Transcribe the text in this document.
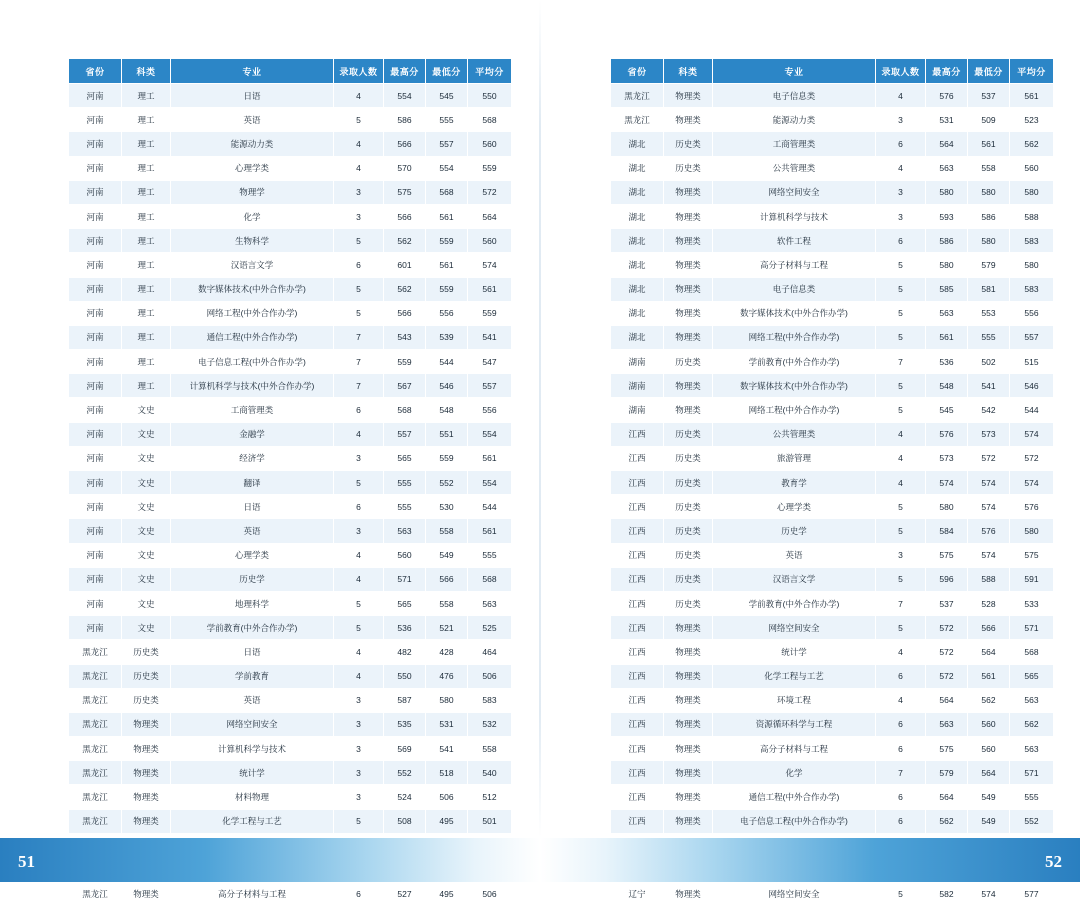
省份	科类	专业	录取人数	最高分	最低分	平均分
河南	理工	日语	4	554	545	550
河南	理工	英语	5	586	555	568
河南	理工	能源动力类	4	566	557	560
河南	理工	心理学类	4	570	554	559
河南	理工	物理学	3	575	568	572
河南	理工	化学	3	566	561	564
河南	理工	生物科学	5	562	559	560
河南	理工	汉语言文学	6	601	561	574
河南	理工	数字媒体技术(中外合作办学)	5	562	559	561
河南	理工	网络工程(中外合作办学)	5	566	556	559
河南	理工	通信工程(中外合作办学)	7	543	539	541
河南	理工	电子信息工程(中外合作办学)	7	559	544	547
河南	理工	计算机科学与技术(中外合作办学)	7	567	546	557
河南	文史	工商管理类	6	568	548	556
河南	文史	金融学	4	557	551	554
河南	文史	经济学	3	565	559	561
河南	文史	翻译	5	555	552	554
河南	文史	日语	6	555	530	544
河南	文史	英语	3	563	558	561
河南	文史	心理学类	4	560	549	555
河南	文史	历史学	4	571	566	568
河南	文史	地理科学	5	565	558	563
河南	文史	学前教育(中外合作办学)	5	536	521	525
黑龙江	历史类	日语	4	482	428	464
黑龙江	历史类	学前教育	4	550	476	506
黑龙江	历史类	英语	3	587	580	583
黑龙江	物理类	网络空间安全	3	535	531	532
黑龙江	物理类	计算机科学与技术	3	569	541	558
黑龙江	物理类	统计学	3	552	518	540
黑龙江	物理类	材料物理	3	524	506	512
黑龙江	物理类	化学工程与工艺	5	508	495	501

黑龙江	物理类	高分子材料与工程	6	527	495	506
51
省份	科类	专业	录取人数	最高分	最低分	平均分
黑龙江	物理类	电子信息类	4	576	537	561
黑龙江	物理类	能源动力类	3	531	509	523
湖北	历史类	工商管理类	6	564	561	562
湖北	历史类	公共管理类	4	563	558	560
湖北	物理类	网络空间安全	3	580	580	580
湖北	物理类	计算机科学与技术	3	593	586	588
湖北	物理类	软件工程	6	586	580	583
湖北	物理类	高分子材料与工程	5	580	579	580
湖北	物理类	电子信息类	5	585	581	583
湖北	物理类	数字媒体技术(中外合作办学)	5	563	553	556
湖北	物理类	网络工程(中外合作办学)	5	561	555	557
湖南	历史类	学前教育(中外合作办学)	7	536	502	515
湖南	物理类	数字媒体技术(中外合作办学)	5	548	541	546
湖南	物理类	网络工程(中外合作办学)	5	545	542	544
江西	历史类	公共管理类	4	576	573	574
江西	历史类	旅游管理	4	573	572	572
江西	历史类	教育学	4	574	574	574
江西	历史类	心理学类	5	580	574	576
江西	历史类	历史学	5	584	576	580
江西	历史类	英语	3	575	574	575
江西	历史类	汉语言文学	5	596	588	591
江西	历史类	学前教育(中外合作办学)	7	537	528	533
江西	物理类	网络空间安全	5	572	566	571
江西	物理类	统计学	4	572	564	568
江西	物理类	化学工程与工艺	6	572	561	565
江西	物理类	环境工程	4	564	562	563
江西	物理类	资源循环科学与工程	6	563	560	562
江西	物理类	高分子材料与工程	6	575	560	563
江西	物理类	化学	7	579	564	571
江西	物理类	通信工程(中外合作办学)	6	564	549	555
江西	物理类	电子信息工程(中外合作办学)	6	562	549	552

辽宁	物理类	网络空间安全	5	582	574	577
52
